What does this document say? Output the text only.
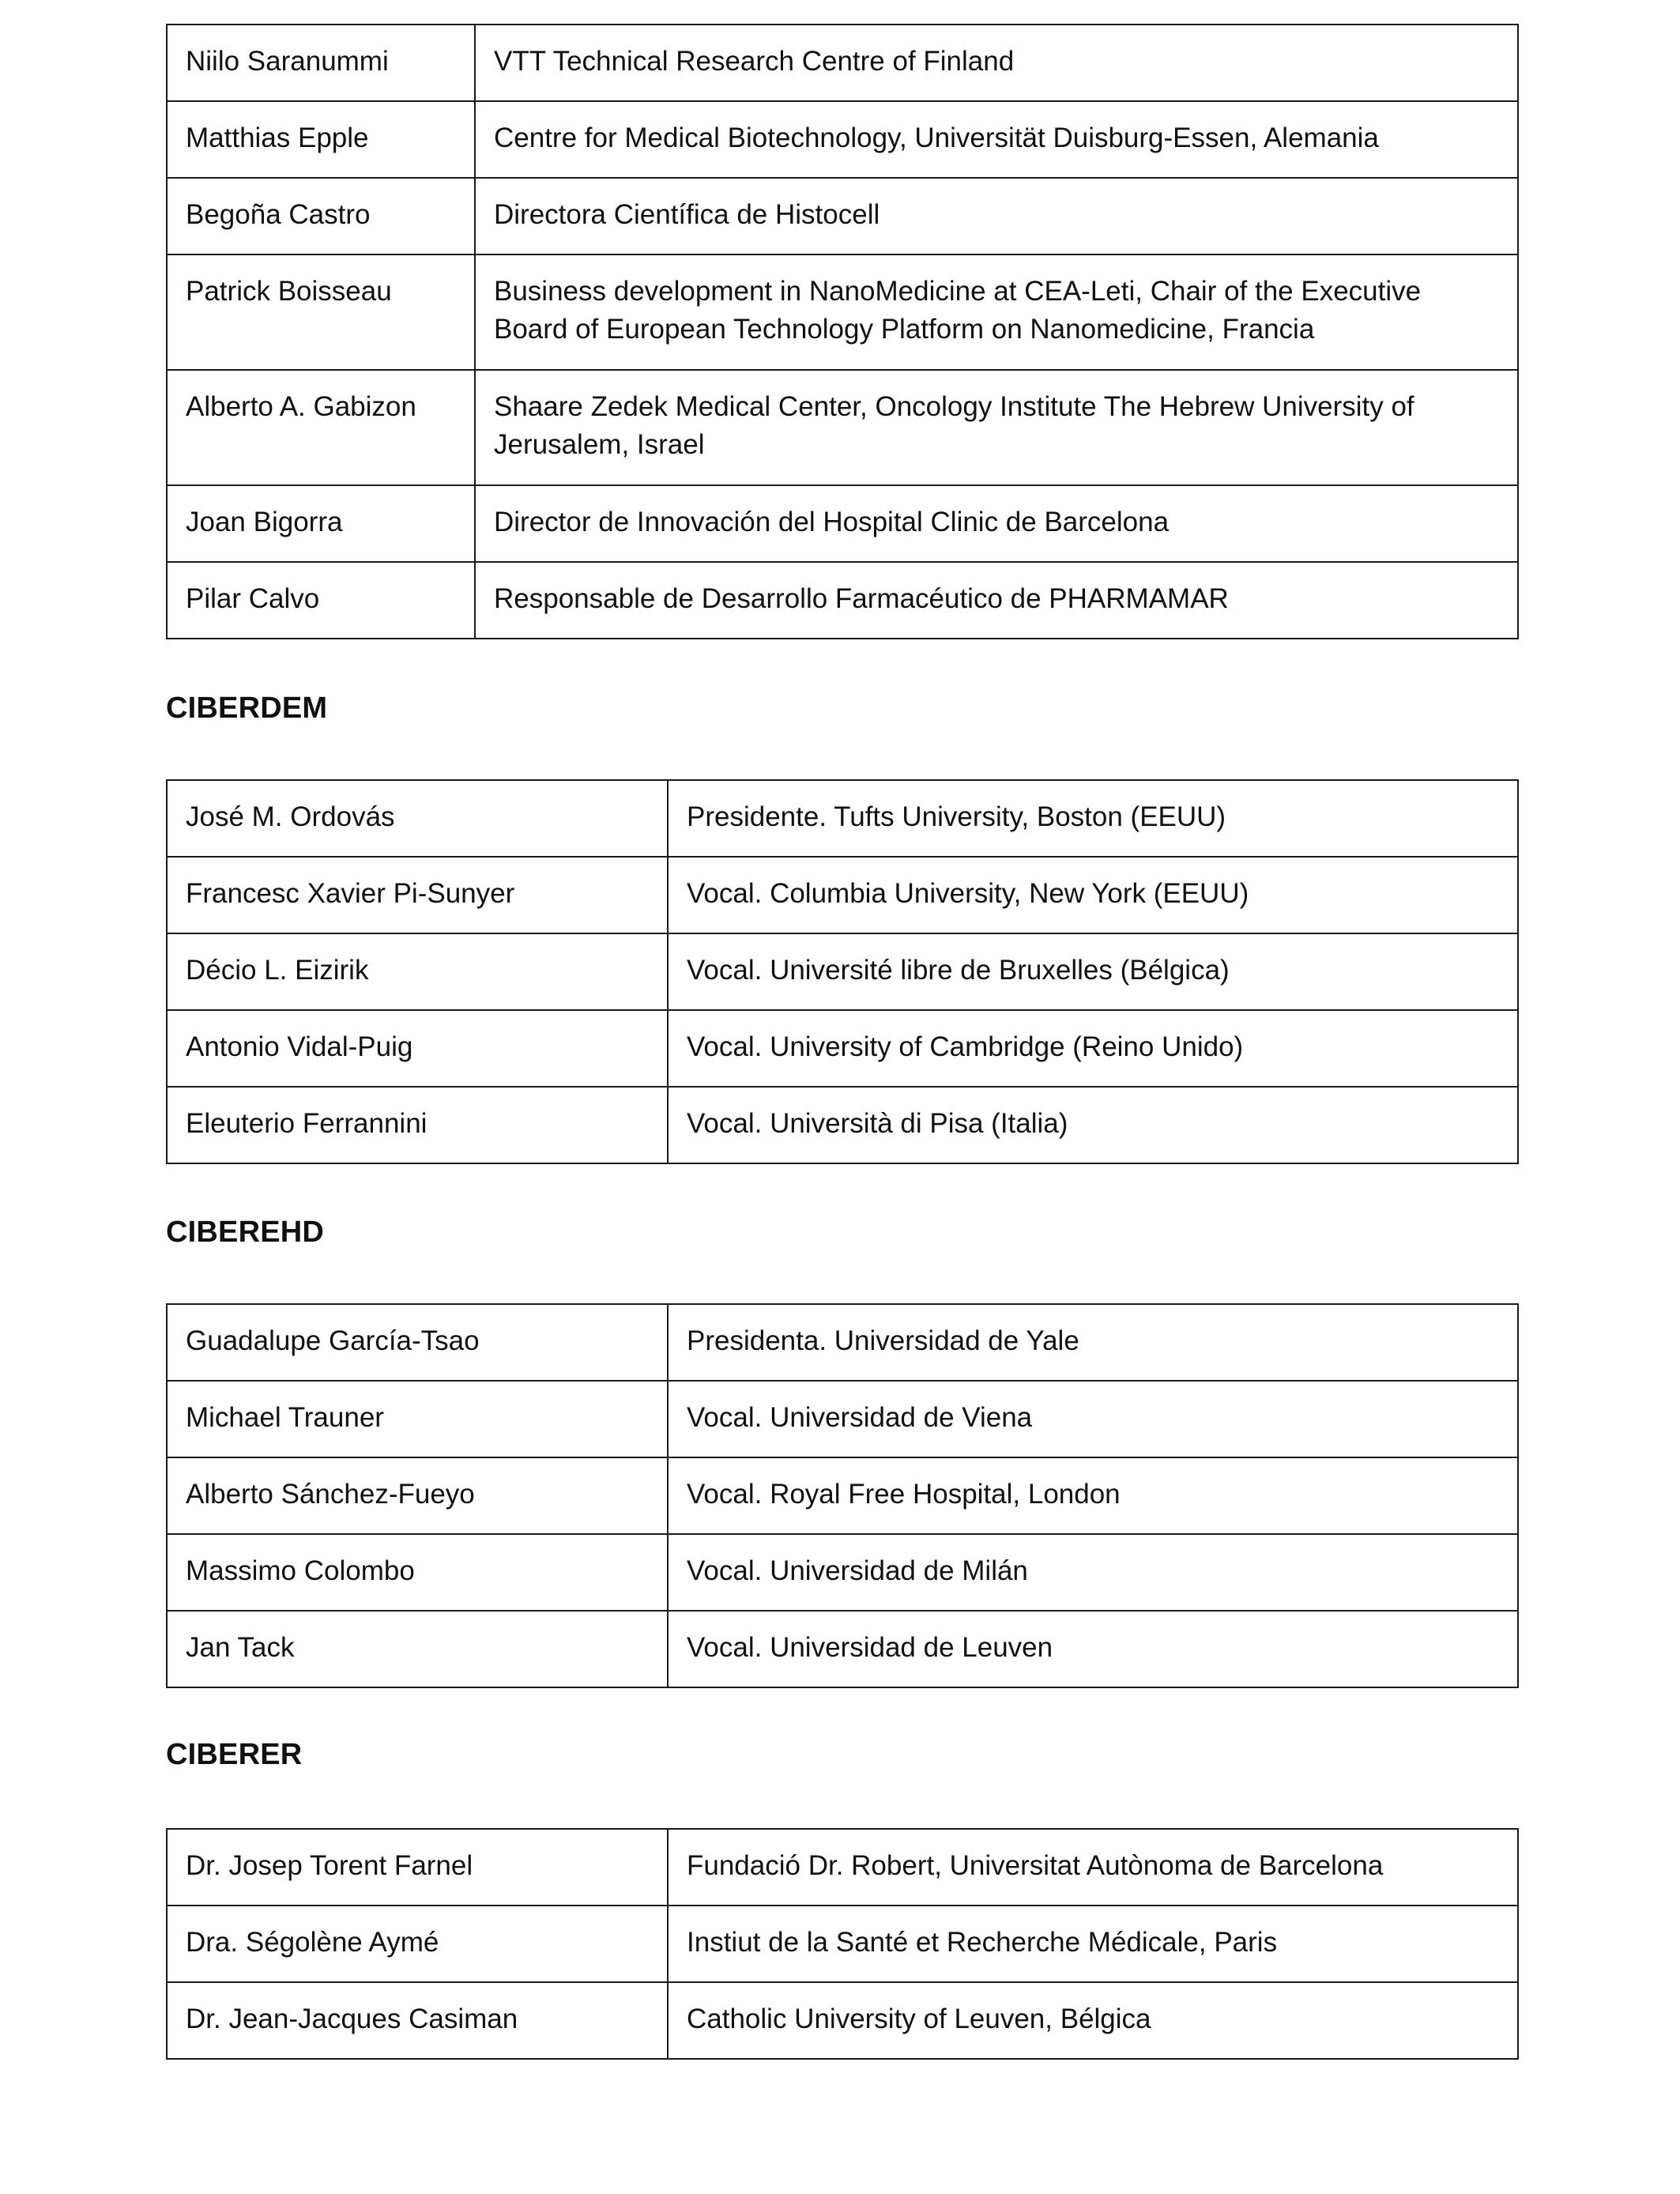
Niilo Saranummi	VTT Technical Research Centre of Finland
Matthias Epple	Centre for Medical Biotechnology, Universität Duisburg-Essen, Alemania
Begoña Castro	Directora Científica de Histocell
Patrick Boisseau	Business development in NanoMedicine at CEA-Leti, Chair of the Executive Board of European Technology Platform on Nanomedicine, Francia
Alberto A. Gabizon	Shaare Zedek Medical Center, Oncology Institute The Hebrew University of Jerusalem, Israel
Joan Bigorra	Director de Innovación del Hospital Clinic de Barcelona
Pilar Calvo	Responsable de Desarrollo Farmacéutico de PHARMAMAR
CIBERDEM
José M. Ordovás	Presidente. Tufts University, Boston (EEUU)
Francesc Xavier Pi-Sunyer	Vocal. Columbia University, New York (EEUU)
Décio L. Eizirik	Vocal. Université libre de Bruxelles (Bélgica)
Antonio Vidal-Puig	Vocal. University of Cambridge (Reino Unido)
Eleuterio Ferrannini	Vocal. Università di Pisa (Italia)
CIBEREHD
Guadalupe García-Tsao	Presidenta. Universidad de Yale
Michael Trauner	Vocal. Universidad de Viena
Alberto Sánchez-Fueyo	Vocal. Royal Free Hospital, London
Massimo Colombo	Vocal. Universidad de Milán
Jan Tack	Vocal. Universidad de Leuven
CIBERER
Dr. Josep Torent Farnel	Fundació Dr. Robert, Universitat Autònoma de Barcelona
Dra. Ségolène Aymé	Instiut de la Santé et Recherche Médicale, Paris
Dr. Jean-Jacques Casiman	Catholic University of Leuven, Bélgica
